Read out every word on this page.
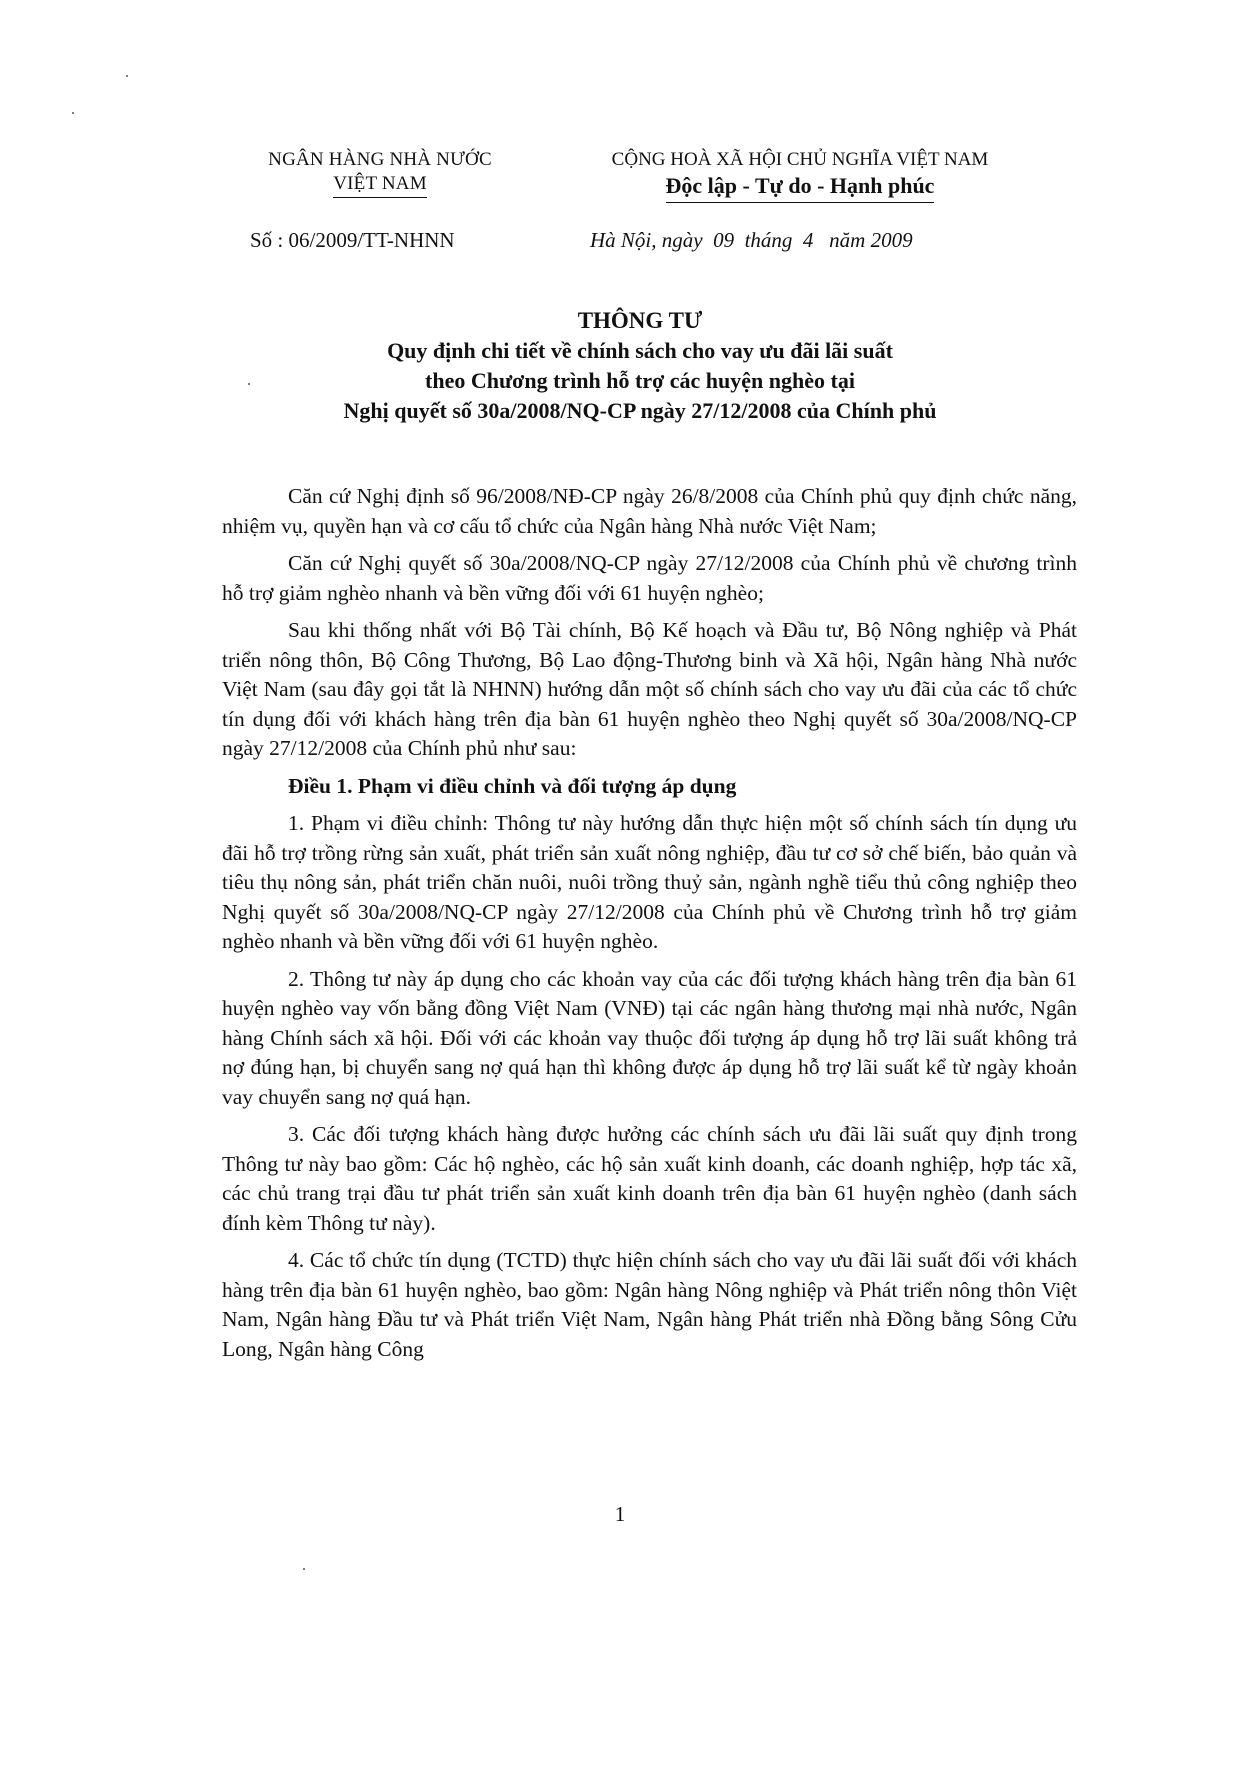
NGÂN HÀNG NHÀ NƯỚC
VIỆT NAM
CỘNG HOÀ XÃ HỘI CHỦ NGHĨA VIỆT NAM
Độc lập - Tự do - Hạnh phúc
Số : 06/2009/TT-NHNN	Hà Nội, ngày  09  tháng  4   năm 2009
THÔNG TƯ
Quy định chi tiết về chính sách cho vay ưu đãi lãi suất
theo Chương trình hỗ trợ các huyện nghèo tại
Nghị quyết số 30a/2008/NQ-CP ngày 27/12/2008 của Chính phủ

Căn cứ Nghị định số 96/2008/NĐ-CP ngày 26/8/2008 của Chính phủ quy định chức năng, nhiệm vụ, quyền hạn và cơ cấu tổ chức của Ngân hàng Nhà nước Việt Nam;

Căn cứ Nghị quyết số 30a/2008/NQ-CP ngày 27/12/2008 của Chính phủ về chương trình hỗ trợ giảm nghèo nhanh và bền vững đối với 61 huyện nghèo;

Sau khi thống nhất với Bộ Tài chính, Bộ Kế hoạch và Đầu tư, Bộ Nông nghiệp và Phát triển nông thôn, Bộ Công Thương, Bộ Lao động-Thương binh và Xã hội, Ngân hàng Nhà nước Việt Nam (sau đây gọi tắt là NHNN) hướng dẫn một số chính sách cho vay ưu đãi của các tổ chức tín dụng đối với khách hàng trên địa bàn 61 huyện nghèo theo Nghị quyết số 30a/2008/NQ-CP ngày 27/12/2008 của Chính phủ như sau:

Điều 1. Phạm vi điều chỉnh và đối tượng áp dụng

1. Phạm vi điều chỉnh: Thông tư này hướng dẫn thực hiện một số chính sách tín dụng ưu đãi hỗ trợ trồng rừng sản xuất, phát triển sản xuất nông nghiệp, đầu tư cơ sở chế biến, bảo quản và tiêu thụ nông sản, phát triển chăn nuôi, nuôi trồng thuỷ sản, ngành nghề tiểu thủ công nghiệp theo Nghị quyết số 30a/2008/NQ-CP ngày 27/12/2008 của Chính phủ về Chương trình hỗ trợ giảm nghèo nhanh và bền vững đối với 61 huyện nghèo.

2. Thông tư này áp dụng cho các khoản vay của các đối tượng khách hàng trên địa bàn 61 huyện nghèo vay vốn bằng đồng Việt Nam (VNĐ) tại các ngân hàng thương mại nhà nước, Ngân hàng Chính sách xã hội. Đối với các khoản vay thuộc đối tượng áp dụng hỗ trợ lãi suất không trả nợ đúng hạn, bị chuyển sang nợ quá hạn thì không được áp dụng hỗ trợ lãi suất kể từ ngày khoản vay chuyển sang nợ quá hạn.

3. Các đối tượng khách hàng được hưởng các chính sách ưu đãi lãi suất quy định trong Thông tư này bao gồm: Các hộ nghèo, các hộ sản xuất kinh doanh, các doanh nghiệp, hợp tác xã, các chủ trang trại đầu tư phát triển sản xuất kinh doanh trên địa bàn 61 huyện nghèo (danh sách đính kèm Thông tư này).

4. Các tổ chức tín dụng (TCTD) thực hiện chính sách cho vay ưu đãi lãi suất đối với khách hàng trên địa bàn 61 huyện nghèo, bao gồm: Ngân hàng Nông nghiệp và Phát triển nông thôn Việt Nam, Ngân hàng Đầu tư và Phát triển Việt Nam, Ngân hàng Phát triển nhà Đồng bằng Sông Cửu Long, Ngân hàng Công

1
